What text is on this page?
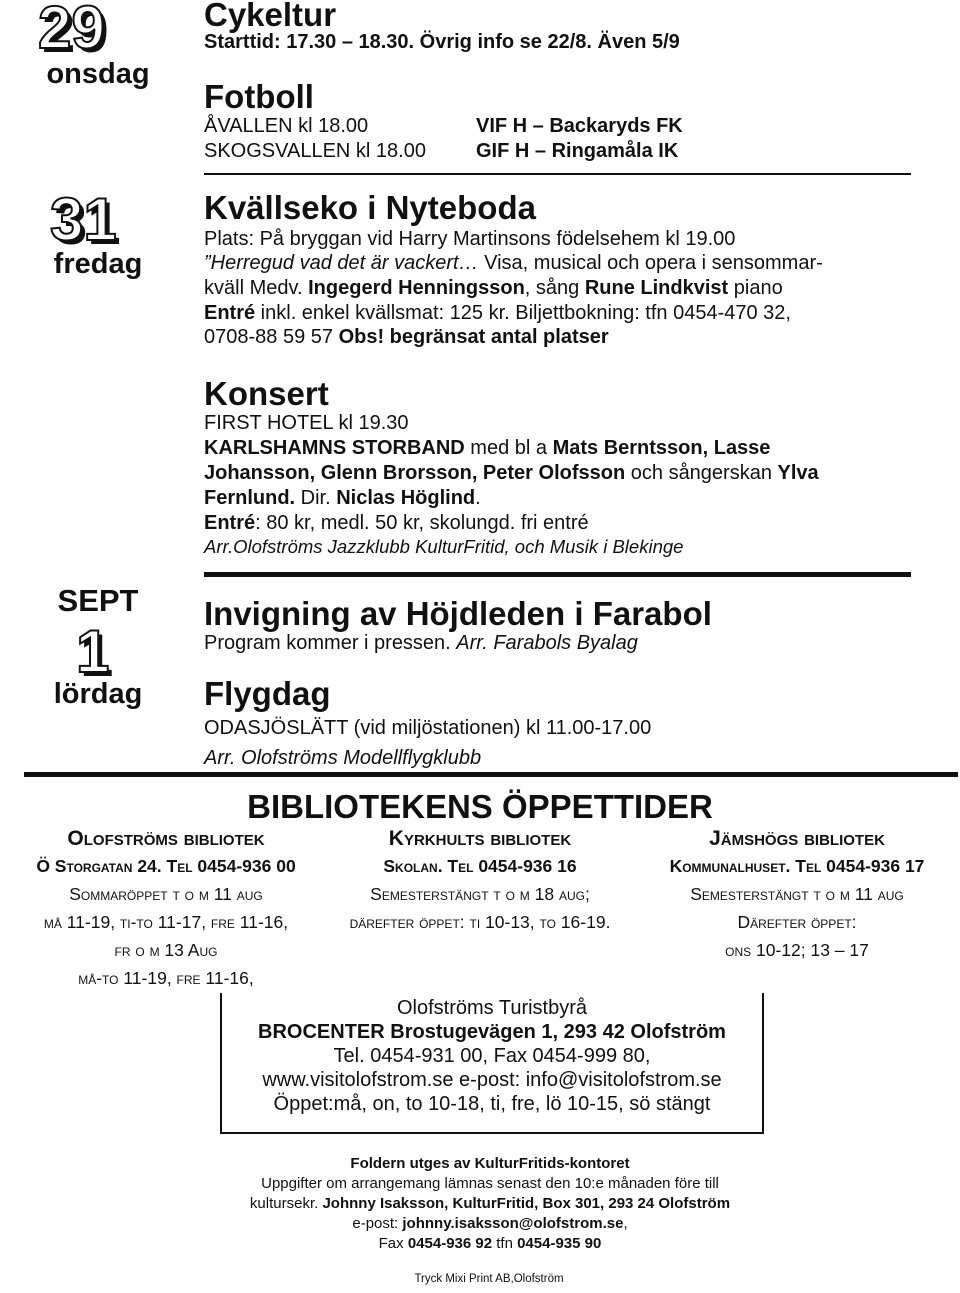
29
onsdag
31
fredag
SEPT
1
lördag
Cykeltur
Starttid: 17.30 – 18.30. Övrig info se 22/8. Även 5/9
Fotboll
ÅVALLEN kl 18.00	VIF H – Backaryds FK
SKOGSVALLEN kl 18.00	GIF H – Ringamåla IK
Kvällseko i Nyteboda
Plats: På bryggan vid Harry Martinsons födelsehem kl 19.00
”Herregud vad det är vackert… Visa, musical och opera i sensommar-
kväll Medv. Ingegerd Henningsson, sång Rune Lindkvist piano
Entré inkl. enkel kvällsmat: 125 kr. Biljettbokning: tfn 0454-470 32,
0708-88 59 57 Obs! begränsat antal platser
Konsert
FIRST HOTEL kl 19.30
KARLSHAMNS STORBAND med bl a Mats Berntsson, Lasse
Johansson, Glenn Brorsson, Peter Olofsson och sångerskan Ylva
Fernlund. Dir. Niclas Höglind.
Entré: 80 kr, medl. 50 kr, skolungd. fri entré
Arr.Olofströms Jazzklubb KulturFritid, och Musik i Blekinge
Invigning av Höjdleden i Farabol
Program kommer i pressen. Arr. Farabols Byalag
Flygdag
ODASJÖSLÄTT (vid miljöstationen) kl 11.00-17.00
Arr. Olofströms Modellflygklubb
BIBLIOTEKENS ÖPPETTIDER
Olofströms bibliotek
Ö Storgatan 24. Tel 0454-936 00
Sommaröppet t o m 11 aug
må 11-19, ti-to 11-17, fre 11-16,
fr o m 13 Aug
må-to 11-19, fre 11-16,
Kyrkhults bibliotek
Skolan. Tel 0454-936 16
Semesterstängt t o m 18 aug;
därefter öppet: ti 10-13, to 16-19.
Jämshögs bibliotek
Kommunalhuset. Tel 0454-936 17
Semesterstängt t o m 11 aug
Därefter öppet:
ons 10-12; 13 – 17
Olofströms Turistbyrå
BROCENTER Brostugevägen 1, 293 42 Olofström
Tel. 0454-931 00, Fax 0454-999 80,
www.visitolofstrom.se e-post: info@visitolofstrom.se
Öppet:må, on, to 10-18, ti, fre, lö 10-15, sö stängt
Foldern utges av KulturFritids-kontoret
Uppgifter om arrangemang lämnas senast den 10:e månaden före till
kultursekr. Johnny Isaksson, KulturFritid, Box 301, 293 24 Olofström
e-post: johnny.isaksson@olofstrom.se,
Fax 0454-936 92 tfn 0454-935 90
Tryck Mixi Print AB,Olofström
